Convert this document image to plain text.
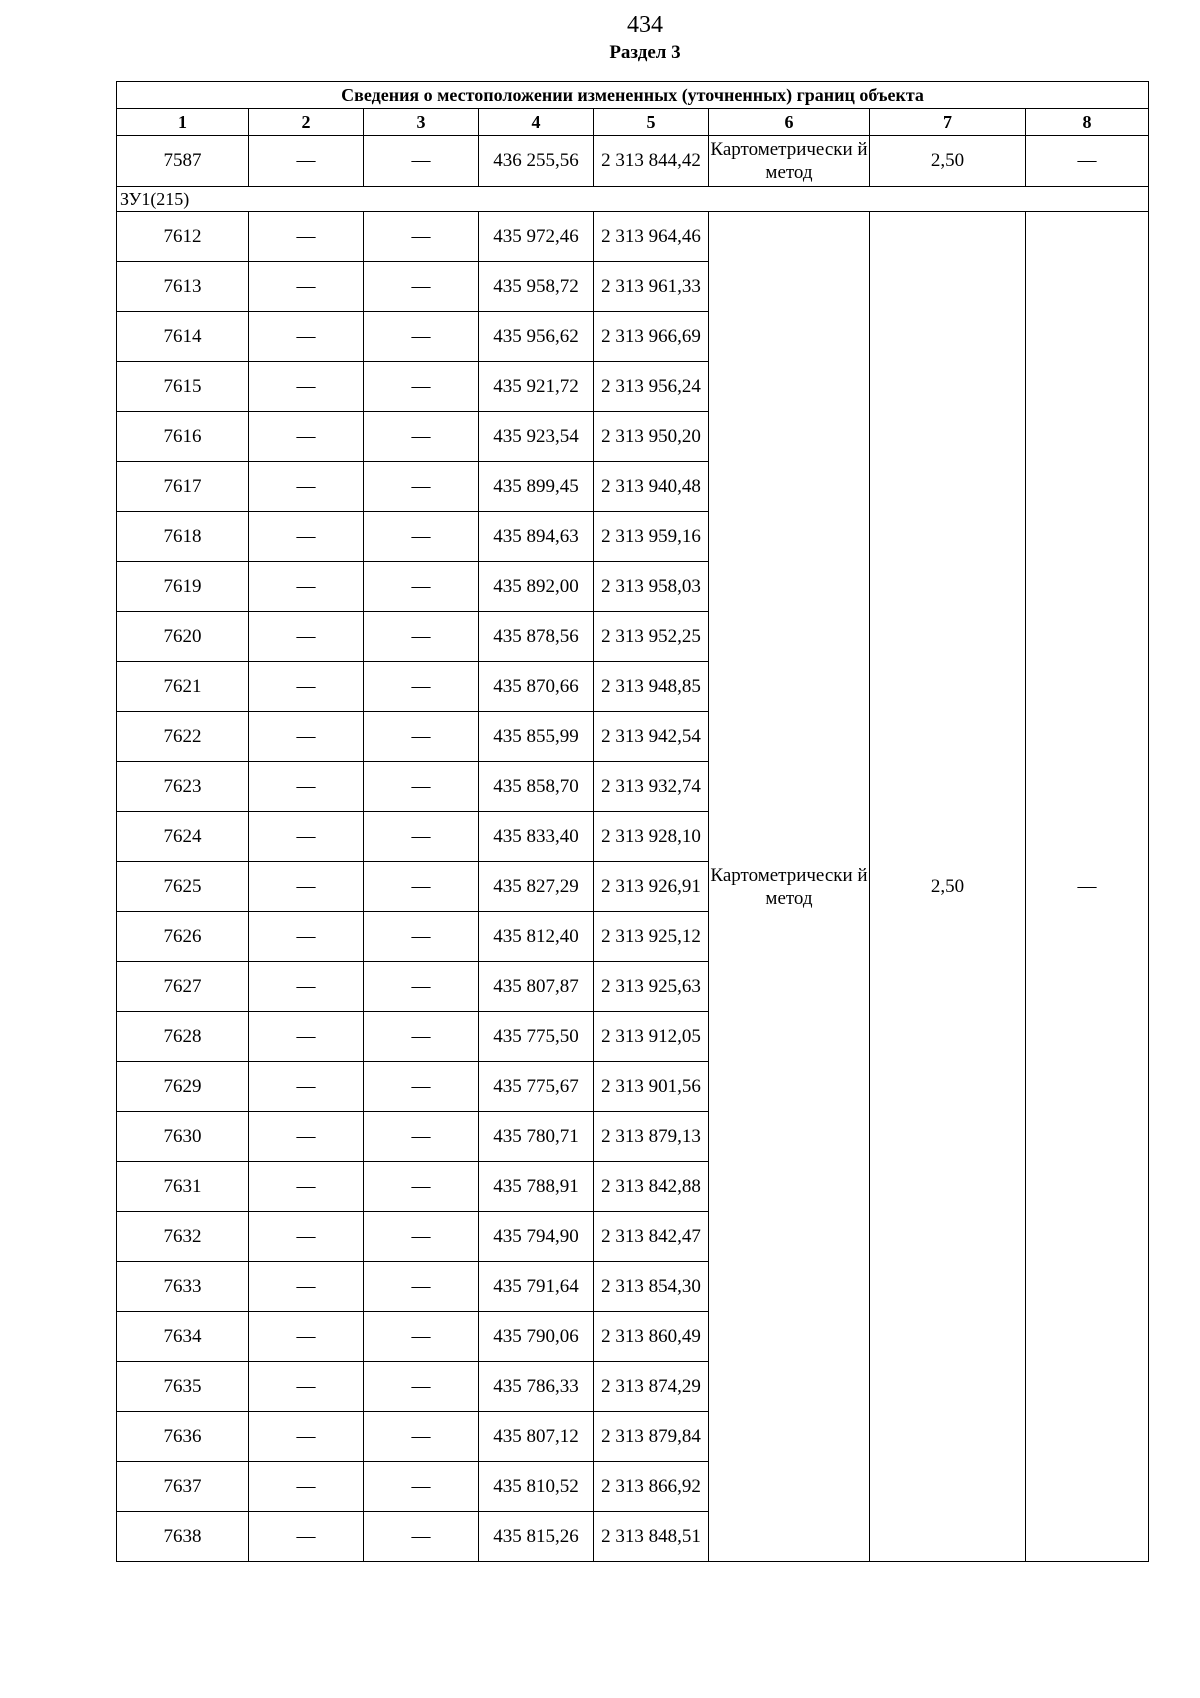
434
Раздел 3
Сведения о местоположении измененных (уточненных) границ объекта							
1	2	3	4	5	6	7	8
7587	—	—	436 255,56	2 313 844,42	Картометрически й метод	2,50	—
ЗУ1(215)							
7612	—	—	435 972,46	2 313 964,46	Картометрически й метод	2,50	—
7613	—	—	435 958,72	2 313 961,33			
7614	—	—	435 956,62	2 313 966,69			
7615	—	—	435 921,72	2 313 956,24			
7616	—	—	435 923,54	2 313 950,20			
7617	—	—	435 899,45	2 313 940,48			
7618	—	—	435 894,63	2 313 959,16			
7619	—	—	435 892,00	2 313 958,03			
7620	—	—	435 878,56	2 313 952,25			
7621	—	—	435 870,66	2 313 948,85			
7622	—	—	435 855,99	2 313 942,54			
7623	—	—	435 858,70	2 313 932,74			
7624	—	—	435 833,40	2 313 928,10			
7625	—	—	435 827,29	2 313 926,91			
7626	—	—	435 812,40	2 313 925,12			
7627	—	—	435 807,87	2 313 925,63			
7628	—	—	435 775,50	2 313 912,05			
7629	—	—	435 775,67	2 313 901,56			
7630	—	—	435 780,71	2 313 879,13			
7631	—	—	435 788,91	2 313 842,88			
7632	—	—	435 794,90	2 313 842,47			
7633	—	—	435 791,64	2 313 854,30			
7634	—	—	435 790,06	2 313 860,49			
7635	—	—	435 786,33	2 313 874,29			
7636	—	—	435 807,12	2 313 879,84			
7637	—	—	435 810,52	2 313 866,92			
7638	—	—	435 815,26	2 313 848,51			
